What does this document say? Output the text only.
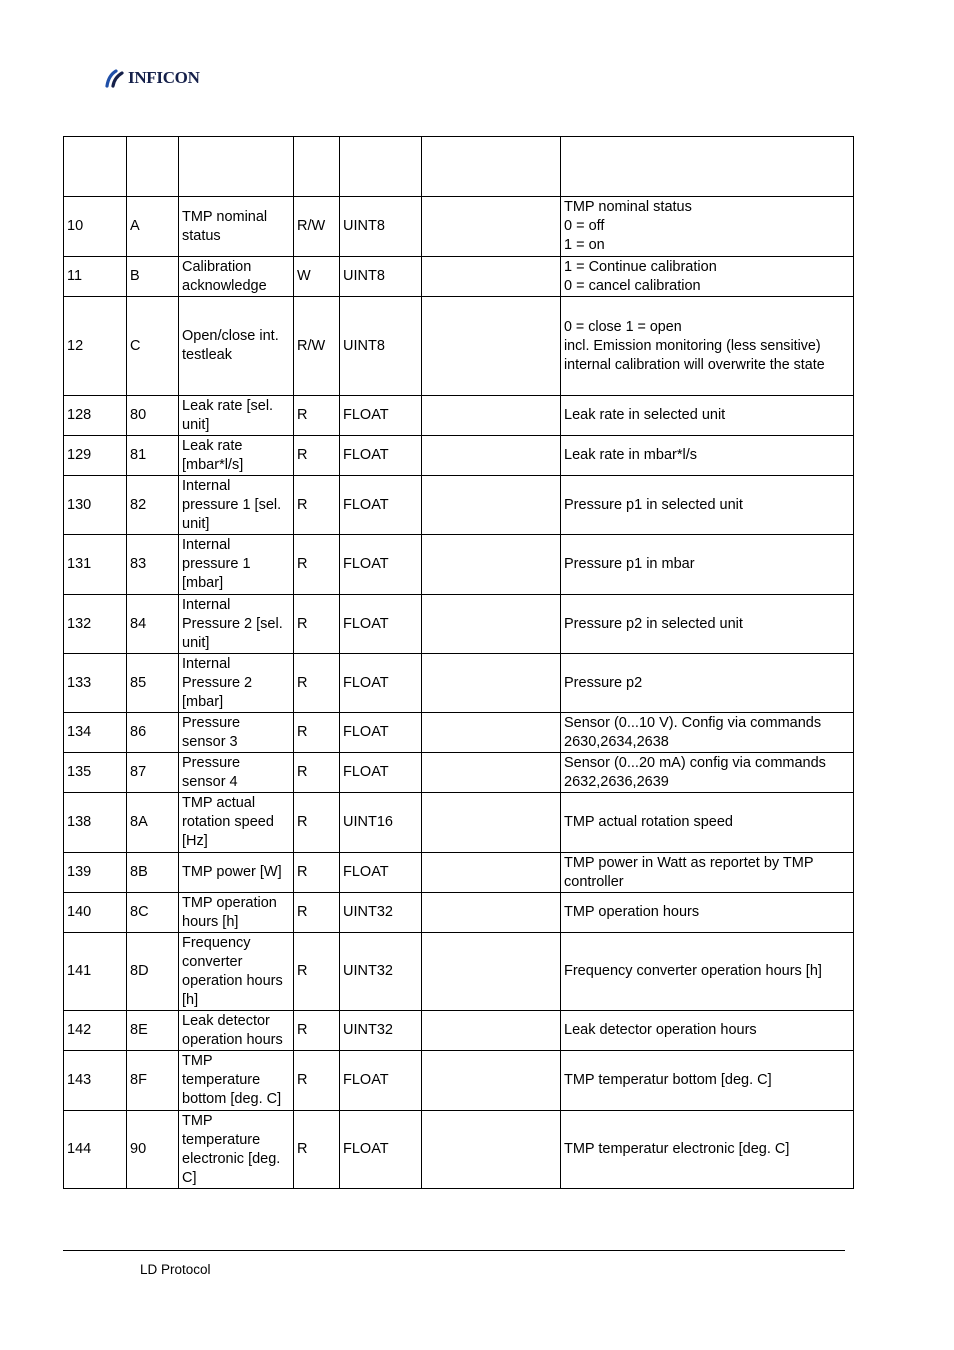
INFICON

10	A	TMP nominal
status	R/W	UINT8		TMP nominal status
0 = off
1 = on
11	B	Calibration
acknowledge	W	UINT8		1 = Continue calibration
0 = cancel calibration
12	C	Open/close int.
testleak	R/W	UINT8		0 = close 1 = open
incl. Emission monitoring (less sensitive)
internal calibration will overwrite the state
128	80	Leak rate [sel.
unit]	R	FLOAT		Leak rate in selected unit
129	81	Leak rate
[mbar*l/s]	R	FLOAT		Leak rate in mbar*l/s
130	82	Internal
pressure 1 [sel.
unit]	R	FLOAT		Pressure p1 in selected unit
131	83	Internal
pressure 1
[mbar]	R	FLOAT		Pressure p1 in mbar
132	84	Internal
Pressure 2 [sel.
unit]	R	FLOAT		Pressure p2 in selected unit
133	85	Internal
Pressure 2
[mbar]	R	FLOAT		Pressure p2
134	86	Pressure
sensor 3	R	FLOAT		Sensor (0...10 V). Config via commands
2630,2634,2638
135	87	Pressure
sensor 4	R	FLOAT		Sensor (0...20 mA) config via commands
2632,2636,2639
138	8A	TMP actual
rotation speed
[Hz]	R	UINT16		TMP actual rotation speed
139	8B	TMP power [W]	R	FLOAT		TMP power in Watt as reportet by TMP
controller
140	8C	TMP operation
hours [h]	R	UINT32		TMP operation hours
141	8D	Frequency
converter
operation hours
[h]	R	UINT32		Frequency converter operation hours [h]
142	8E	Leak detector
operation hours	R	UINT32		Leak detector operation hours
143	8F	TMP
temperature
bottom [deg. C]	R	FLOAT		TMP temperatur bottom [deg. C]
144	90	TMP
temperature
electronic [deg.
C]	R	FLOAT		TMP temperatur electronic [deg. C]
LD Protocol
